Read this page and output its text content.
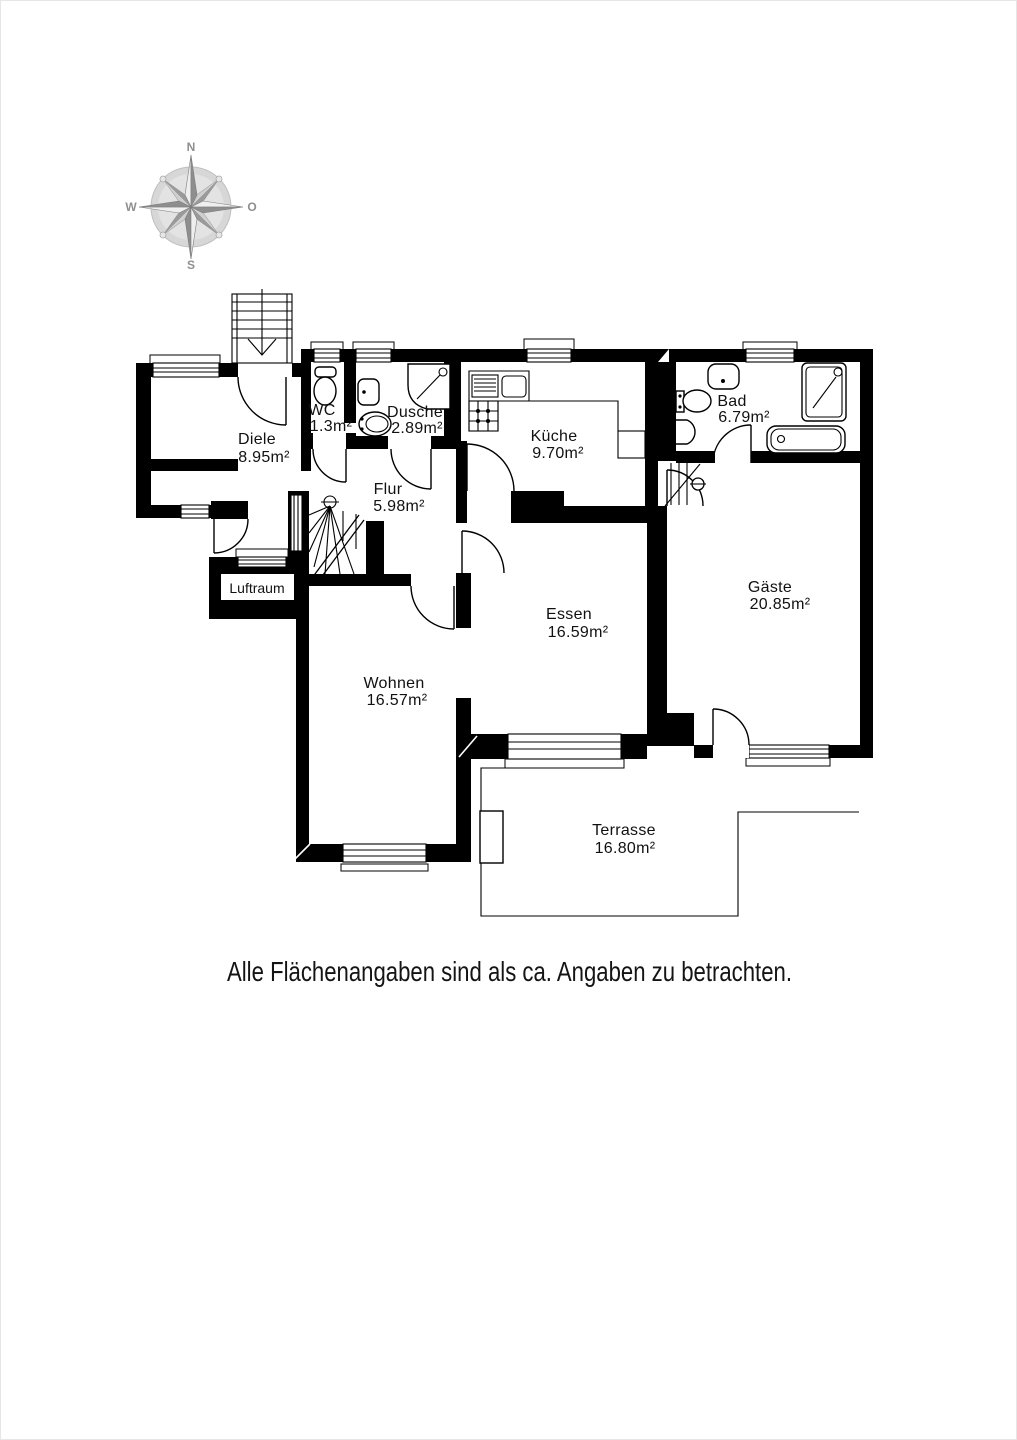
Luftraum
Diele
8.95m²
WC
1.3m²
Dusche
2.89m²	Küche
9.70m²
Bad
6.79m²
Flur
5.98m²
Essen
16.59m²
Wohnen
16.57m²
Gäste
20.85m²
Terrasse
16.80m²
N
O
S
W
Alle Flächenangaben sind als ca. Angaben zu betrachten.
